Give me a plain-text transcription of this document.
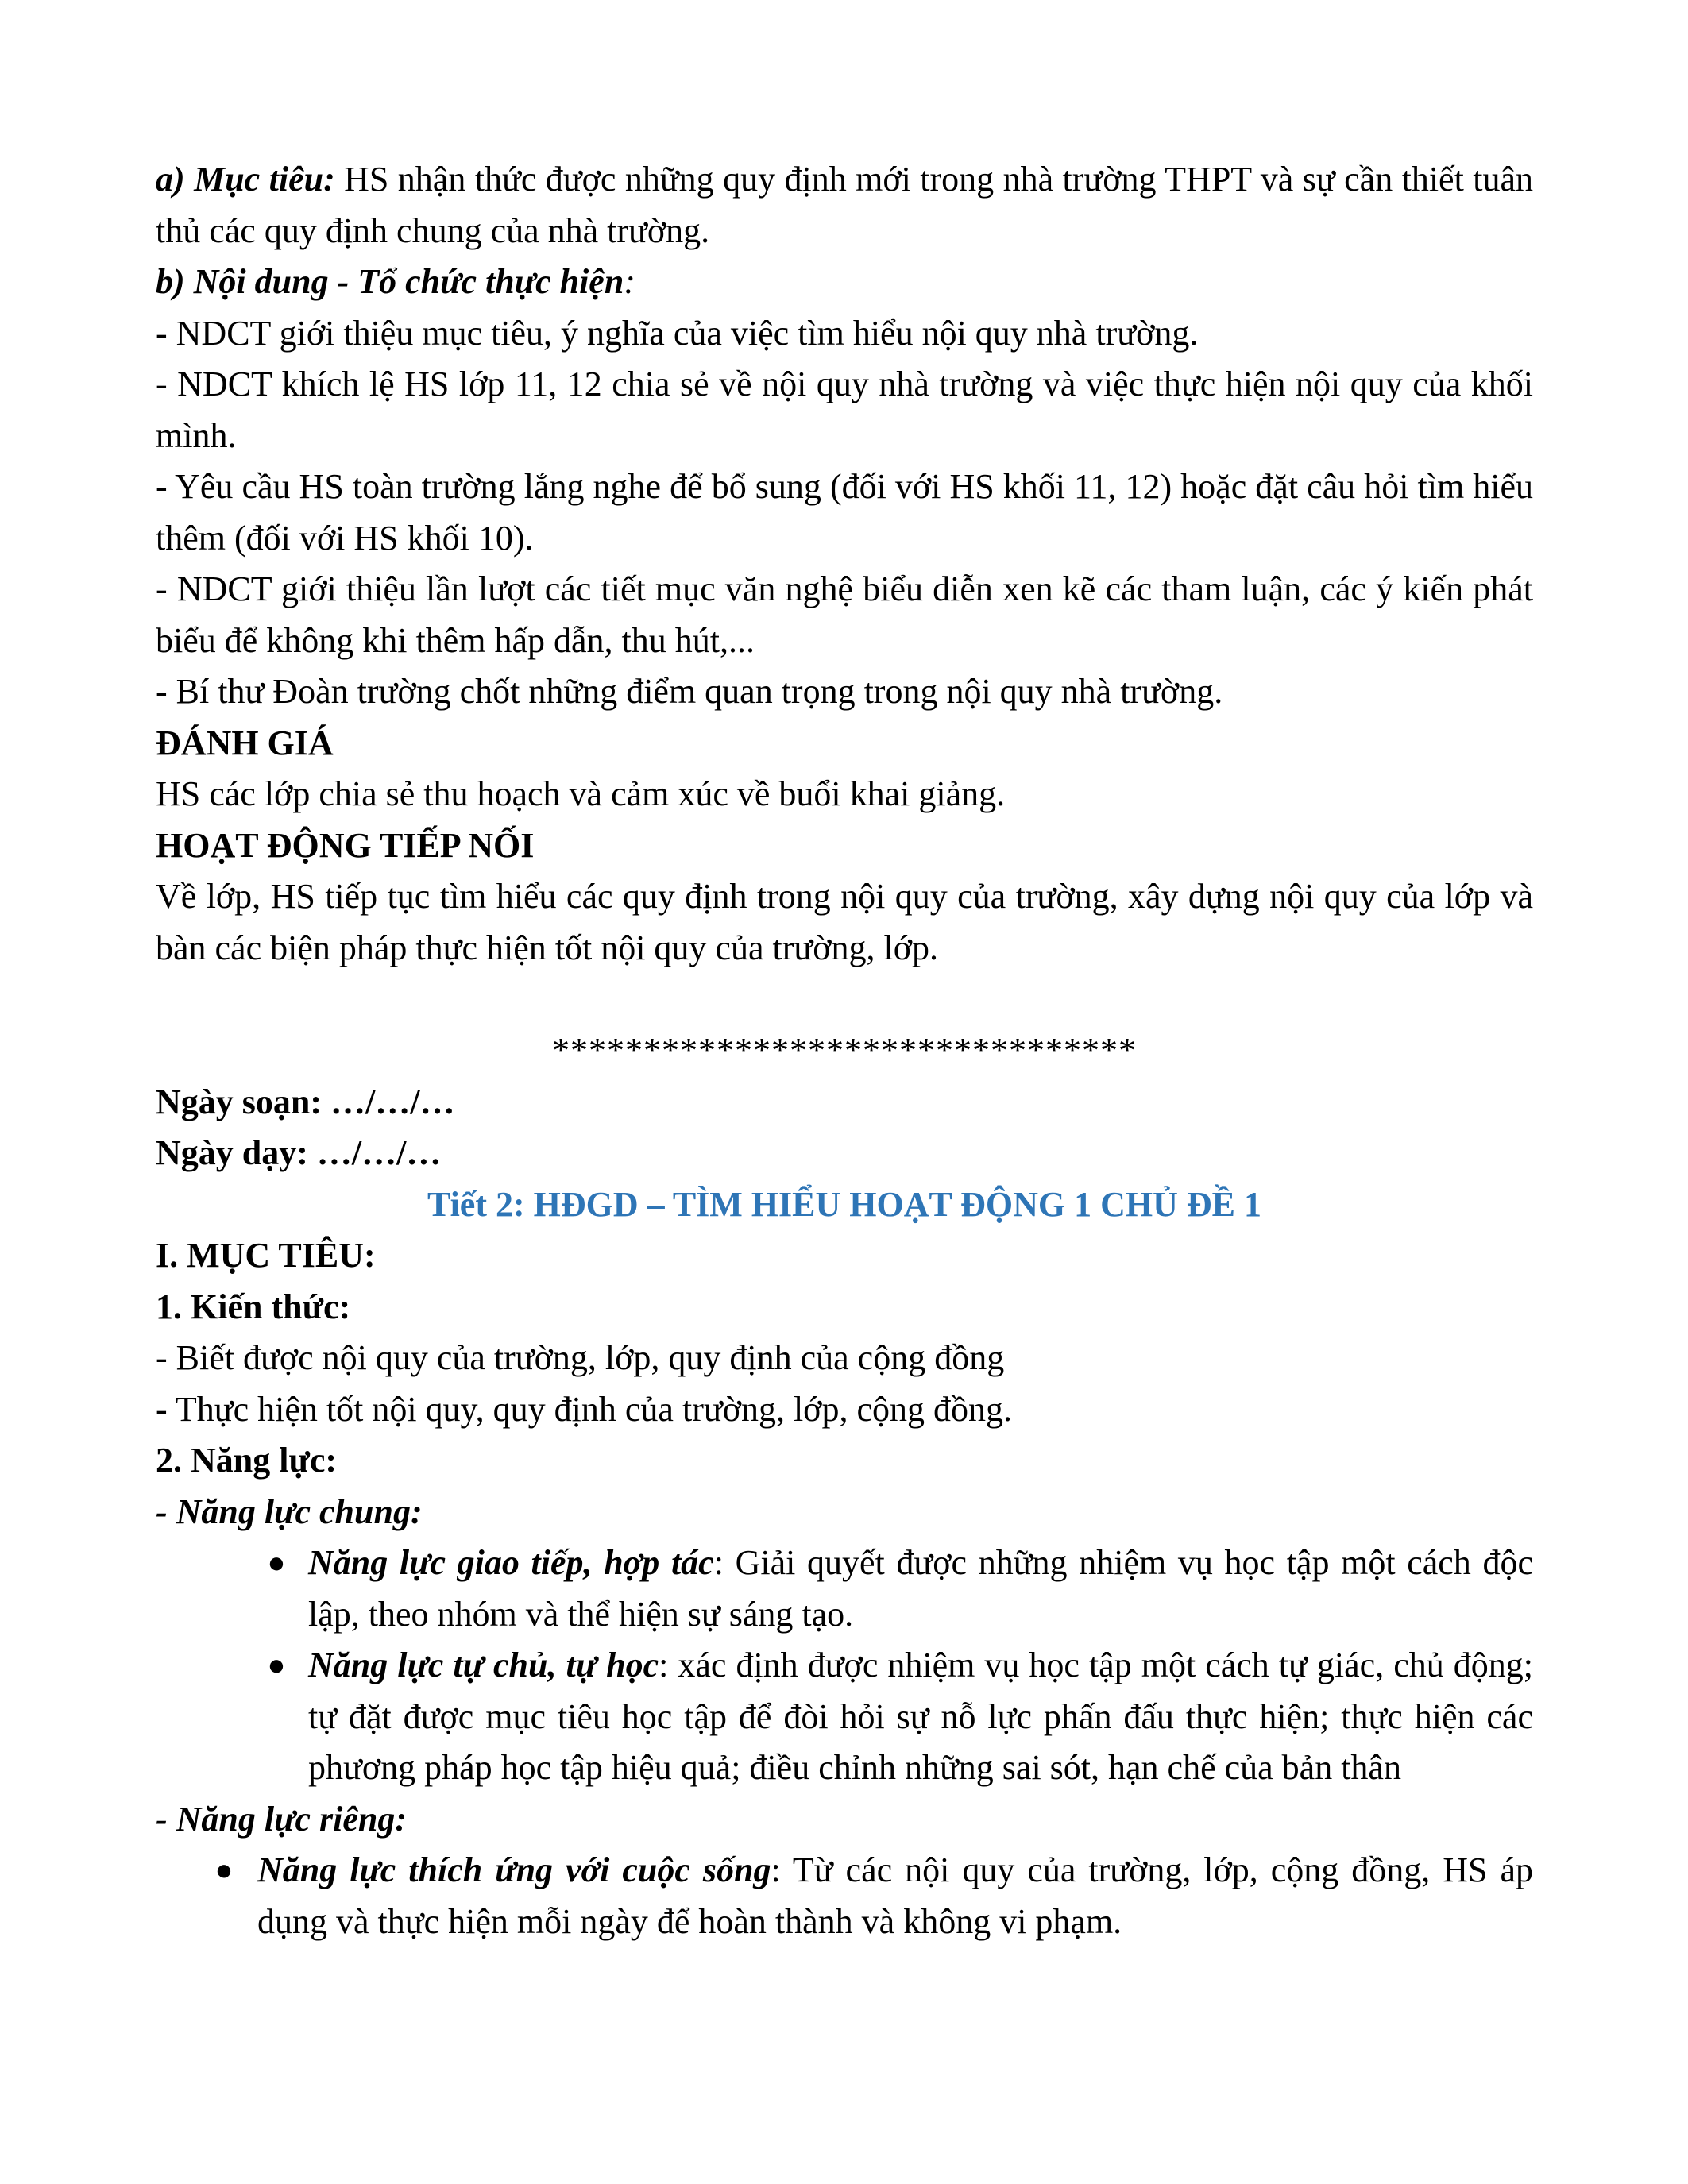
a) Mục tiêu: HS nhận thức được những quy định mới trong nhà trường THPT và sự cần thiết tuân thủ các quy định chung của nhà trường.

b) Nội dung - Tổ chức thực hiện:

- NDCT giới thiệu mục tiêu, ý nghĩa của việc tìm hiểu nội quy nhà trường.

- NDCT khích lệ HS lớp 11, 12 chia sẻ về nội quy nhà trường và việc thực hiện nội quy của khối mình.

- Yêu cầu HS toàn trường lắng nghe để bổ sung (đối với HS khối 11, 12) hoặc đặt câu hỏi tìm hiểu thêm (đối với HS khối 10).

- NDCT giới thiệu lần lượt các tiết mục văn nghệ biểu diễn xen kẽ các tham luận, các ý kiến phát biểu để không khi thêm hấp dẫn, thu hút,...

- Bí thư Đoàn trường chốt những điểm quan trọng trong nội quy nhà trường.

ĐÁNH GIÁ

HS các lớp chia sẻ thu hoạch và cảm xúc về buổi khai giảng.

HOẠT ĐỘNG TIẾP NỐI

Về lớp, HS tiếp tục tìm hiểu các quy định trong nội quy của trường, xây dựng nội quy của lớp và bàn các biện pháp thực hiện tốt nội quy của trường, lớp.

********************************

Ngày soạn: …/…/…

Ngày dạy: …/…/…

Tiết 2: HĐGD – TÌM HIỂU HOẠT ĐỘNG 1 CHỦ ĐỀ 1

I. MỤC TIÊU:

1. Kiến thức:

- Biết được nội quy của trường, lớp, quy định của cộng đồng

- Thực hiện tốt nội quy, quy định của trường, lớp, cộng đồng.

2. Năng lực:

- Năng lực chung:

● Năng lực giao tiếp, hợp tác: Giải quyết được những nhiệm vụ học tập một cách độc lập, theo nhóm và thể hiện sự sáng tạo.
● Năng lực tự chủ, tự học: xác định được nhiệm vụ học tập một cách tự giác, chủ động; tự đặt được mục tiêu học tập để đòi hỏi sự nỗ lực phấn đấu thực hiện; thực hiện các phương pháp học tập hiệu quả; điều chỉnh những sai sót, hạn chế của bản thân

- Năng lực riêng:

● Năng lực thích ứng với cuộc sống: Từ các nội quy của trường, lớp, cộng đồng, HS áp dụng và thực hiện mỗi ngày để hoàn thành và không vi phạm.
